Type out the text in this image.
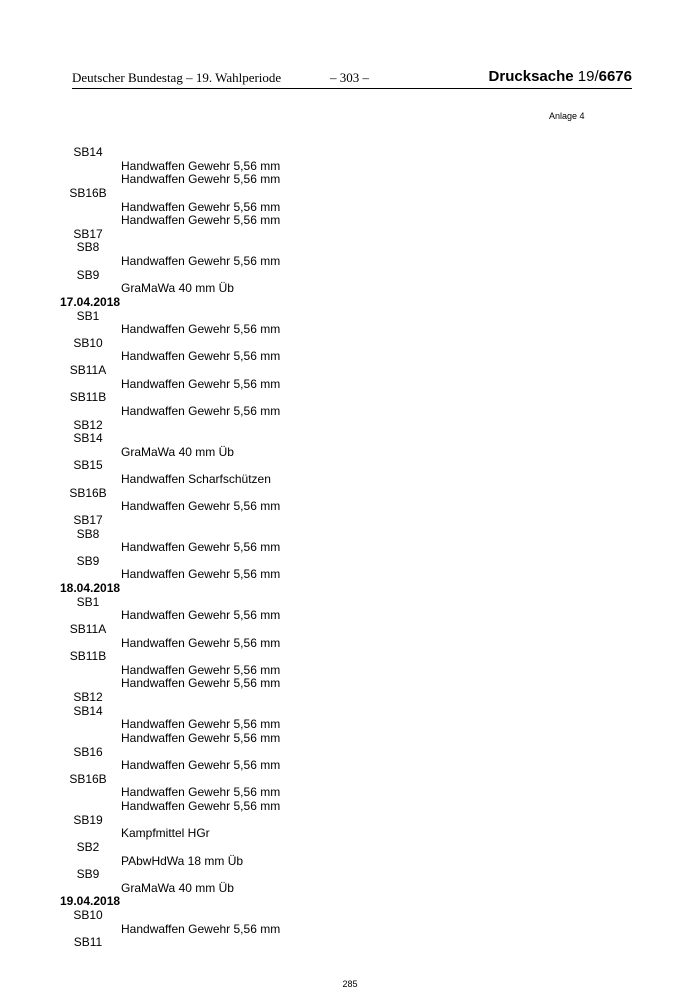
Deutscher Bundestag – 19. Wahlperiode	– 303 –	Drucksache 19/6676
Anlage 4
SB14
Handwaffen Gewehr 5,56 mm
Handwaffen Gewehr 5,56 mm
SB16B
Handwaffen Gewehr 5,56 mm
Handwaffen Gewehr 5,56 mm
SB17
SB8
Handwaffen Gewehr 5,56 mm
SB9
GraMaWa 40 mm Üb
17.04.2018
SB1
Handwaffen Gewehr 5,56 mm
SB10
Handwaffen Gewehr 5,56 mm
SB11A
Handwaffen Gewehr 5,56 mm
SB11B
Handwaffen Gewehr 5,56 mm
SB12
SB14
GraMaWa 40 mm Üb
SB15
Handwaffen Scharfschützen
SB16B
Handwaffen Gewehr 5,56 mm
SB17
SB8
Handwaffen Gewehr 5,56 mm
SB9
Handwaffen Gewehr 5,56 mm
18.04.2018
SB1
Handwaffen Gewehr 5,56 mm
SB11A
Handwaffen Gewehr 5,56 mm
SB11B
Handwaffen Gewehr 5,56 mm
Handwaffen Gewehr 5,56 mm
SB12
SB14
Handwaffen Gewehr 5,56 mm
Handwaffen Gewehr 5,56 mm
SB16
Handwaffen Gewehr 5,56 mm
SB16B
Handwaffen Gewehr 5,56 mm
Handwaffen Gewehr 5,56 mm
SB19
Kampfmittel HGr
SB2
PAbwHdWa 18 mm Üb
SB9
GraMaWa 40 mm Üb
19.04.2018
SB10
Handwaffen Gewehr 5,56 mm
SB11
285
